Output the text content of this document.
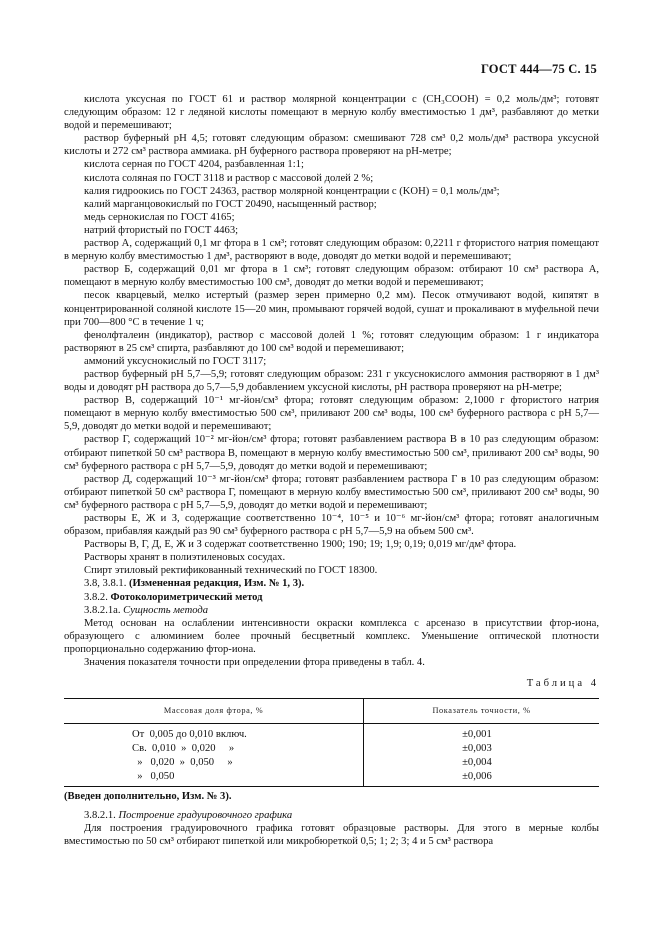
ГОСТ 444—75 С. 15

кислота уксусная по ГОСТ 61 и раствор молярной концентрации c (CH₃COOH) = 0,2 моль/дм³; готовят следующим образом: 12 г ледяной кислоты помещают в мерную колбу вместимостью 1 дм³, разбавляют до метки водой и перемешивают;

раствор буферный pH 4,5; готовят следующим образом: смешивают 728 см³ 0,2 моль/дм³ раствора уксусной кислоты и 272 см³ раствора аммиака. pH буферного раствора проверяют на pH-метре;

кислота серная по ГОСТ 4204, разбавленная 1:1;

кислота соляная по ГОСТ 3118 и раствор с массовой долей 2 %;

калия гидроокись по ГОСТ 24363, раствор молярной концентрации c (KOH) = 0,1 моль/дм³;

калий марганцовокислый по ГОСТ 20490, насыщенный раствор;

медь сернокислая по ГОСТ 4165;

натрий фтористый по ГОСТ 4463;

раствор А, содержащий 0,1 мг фтора в 1 см³; готовят следующим образом: 0,2211 г фтористого натрия помещают в мерную колбу вместимостью 1 дм³, растворяют в воде, доводят до метки водой и перемешивают;

раствор Б, содержащий 0,01 мг фтора в 1 см³; готовят следующим образом: отбирают 10 см³ раствора А, помещают в мерную колбу вместимостью 100 см³, доводят до метки водой и перемешивают;

песок кварцевый, мелко истертый (размер зерен примерно 0,2 мм). Песок отмучивают водой, кипятят в концентрированной соляной кислоте 15—20 мин, промывают горячей водой, сушат и прокаливают в муфельной печи при 700—800 °С в течение 1 ч;

фенолфталеин (индикатор), раствор с массовой долей 1 %; готовят следующим образом: 1 г индикатора растворяют в 25 см³ спирта, разбавляют до 100 см³ водой и перемешивают;

аммоний уксуснокислый по ГОСТ 3117;

раствор буферный pH 5,7—5,9; готовят следующим образом: 231 г уксуснокислого аммония растворяют в 1 дм³ воды и доводят pH раствора до 5,7—5,9 добавлением уксусной кислоты, pH раствора проверяют на pH-метре;

раствор В, содержащий 10⁻¹ мг-йон/см³ фтора; готовят следующим образом: 2,1000 г фтористого натрия помещают в мерную колбу вместимостью 500 см³, приливают 200 см³ воды, 100 см³ буферного раствора с pH 5,7—5,9, доводят до метки водой и перемешивают;

раствор Г, содержащий 10⁻² мг-йон/см³ фтора; готовят разбавлением раствора В в 10 раз следующим образом: отбирают пипеткой 50 см³ раствора В, помещают в мерную колбу вместимостью 500 см³, приливают 200 см³ воды, 90 см³ буферного раствора с pH 5,7—5,9, доводят до метки водой и перемешивают;

раствор Д, содержащий 10⁻³ мг-йон/см³ фтора; готовят разбавлением раствора Г в 10 раз следующим образом: отбирают пипеткой 50 см³ раствора Г, помещают в мерную колбу вместимостью 500 см³, приливают 200 см³ воды, 90 см³ буферного раствора с pH 5,7—5,9, доводят до метки водой и перемешивают;

растворы Е, Ж и З, содержащие соответственно 10⁻⁴, 10⁻⁵ и 10⁻⁶ мг-йон/см³ фтора; готовят аналогичным образом, прибавляя каждый раз 90 см³ буферного раствора с pH 5,7—5,9 на объем 500 см³.

Растворы В, Г, Д, Е, Ж и З содержат соответственно 1900; 190; 19; 1,9; 0,19; 0,019 мг/дм³ фтора.

Растворы хранят в полиэтиленовых сосудах.

Спирт этиловый ректификованный технический по ГОСТ 18300.

3.8, 3.8.1. (Измененная редакция, Изм. № 1, 3).

3.8.2. Фотоколориметрический метод

3.8.2.1а. Сущность метода

Метод основан на ослаблении интенсивности окраски комплекса с арсеназо в присутствии фтор-иона, образующего с алюминием более прочный бесцветный комплекс. Уменьшение оптической плотности пропорционально содержанию фтор-иона.

Значения показателя точности при определении фтора приведены в табл. 4.

Таблица 4
Массовая доля фтора, %	Показатель точности, %

От  0,005 до 0,010 включ.	±0,001
Св.  0,010  »  0,020     »	±0,003
»   0,020  »  0,050     »	±0,004
»   0,050	±0,006

(Введен дополнительно, Изм. № 3).

3.8.2.1. Построение градуировочного графика

Для построения градуировочного графика готовят образцовые растворы. Для этого в мерные колбы вместимостью по 50 см³ отбирают пипеткой или микробюреткой 0,5; 1; 2; 3; 4 и 5 см³ раствора
